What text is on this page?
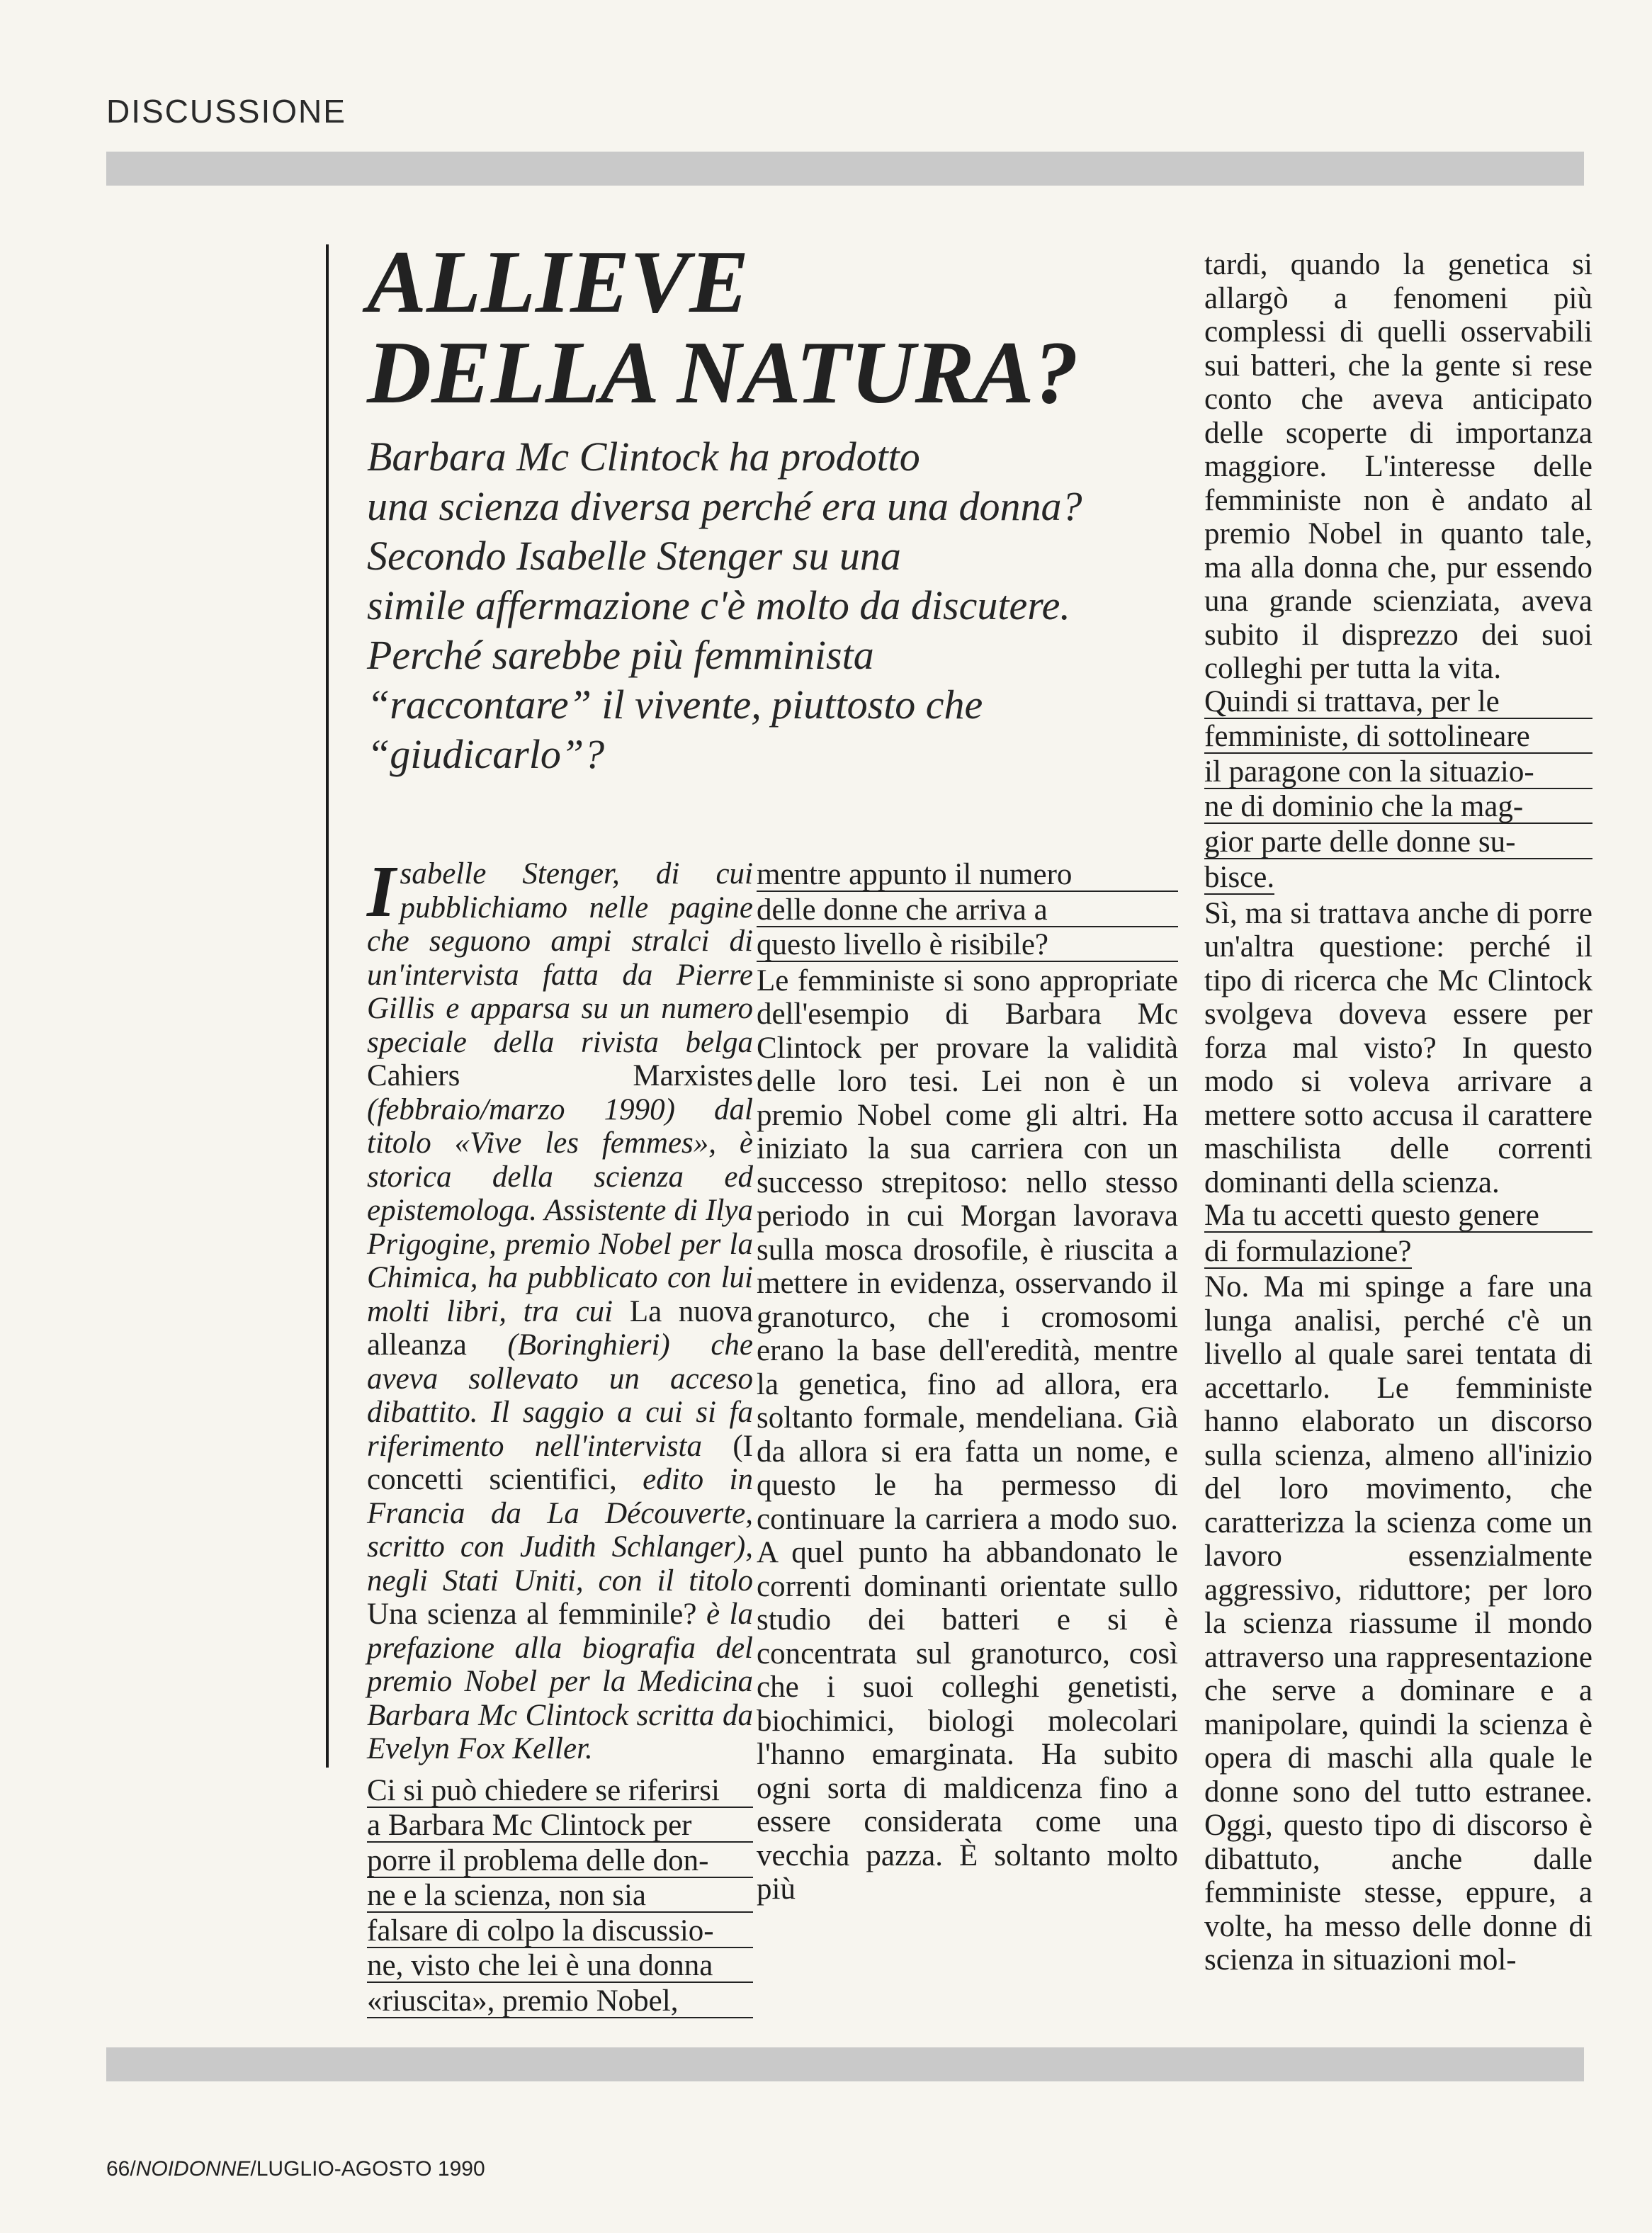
DISCUSSIONE
ALLIEVE
DELLA NATURA?
Barbara Mc Clintock ha prodotto
una scienza diversa perché era una donna?
Secondo Isabelle Stenger su una
simile affermazione c'è molto da discutere.
Perché sarebbe più femminista
“raccontare” il vivente, piuttosto che
“giudicarlo”?

Isabelle Stenger, di cui pubblichiamo nelle pagine che seguono ampi stralci di un'intervista fatta da Pierre Gillis e apparsa su un numero speciale della rivista belga Cahiers Marxistes (febbraio/marzo 1990) dal titolo «Vive les femmes», è storica della scienza ed epistemologa. Assistente di Ilya Prigogine, premio Nobel per la Chimica, ha pubblicato con lui molti libri, tra cui La nuova alleanza (Boringhieri) che aveva sollevato un acceso dibattito. Il saggio a cui si fa riferimento nell'intervista (I concetti scientifici, edito in Francia da La Découverte, scritto con Judith Schlanger), negli Stati Uniti, con il titolo Una scienza al femminile? è la prefazione alla biografia del premio Nobel per la Medicina Barbara Mc Clintock scritta da Evelyn Fox Keller.

Ci si può chiedere se riferirsi
a Barbara Mc Clintock per
porre il problema delle don-
ne e la scienza, non sia
falsare di colpo la discussio-
ne, visto che lei è una donna
«riuscita», premio Nobel,
mentre appunto il numero
delle donne che arriva a
questo livello è risibile?

Le femministe si sono appropriate dell'esempio di Barbara Mc Clintock per provare la validità delle loro tesi. Lei non è un premio Nobel come gli altri. Ha iniziato la sua carriera con un successo strepitoso: nello stesso periodo in cui Morgan lavorava sulla mosca drosofile, è riuscita a mettere in evidenza, osservando il granoturco, che i cromosomi erano la base dell'eredità, mentre la genetica, fino ad allora, era soltanto formale, mendeliana. Già da allora si era fatta un nome, e questo le ha permesso di continuare la carriera a modo suo. A quel punto ha abbandonato le correnti dominanti orientate sullo studio dei batteri e si è concentrata sul granoturco, così che i suoi colleghi genetisti, biochimici, biologi molecolari l'hanno emarginata. Ha subito ogni sorta di maldicenza fino a essere considerata come una vecchia pazza. È soltanto molto più

tardi, quando la genetica si allargò a fenomeni più complessi di quelli osservabili sui batteri, che la gente si rese conto che aveva anticipato delle scoperte di importanza maggiore. L'interesse delle femministe non è andato al premio Nobel in quanto tale, ma alla donna che, pur essendo una grande scienziata, aveva subito il disprezzo dei suoi colleghi per tutta la vita.

Quindi si trattava, per le
femministe, di sottolineare
il paragone con la situazio-
ne di dominio che la mag-
gior parte delle donne su-
bisce.

Sì, ma si trattava anche di porre un'altra questione: perché il tipo di ricerca che Mc Clintock svolgeva doveva essere per forza mal visto? In questo modo si voleva arrivare a mettere sotto accusa il carattere maschilista delle correnti dominanti della scienza.

Ma tu accetti questo genere
di formulazione?

No. Ma mi spinge a fare una lunga analisi, perché c'è un livello al quale sarei tentata di accettarlo. Le femministe hanno elaborato un discorso sulla scienza, almeno all'inizio del loro movimento, che caratterizza la scienza come un lavoro essenzialmente aggressivo, riduttore; per loro la scienza riassume il mondo attraverso una rappresentazione che serve a dominare e a manipolare, quindi la scienza è opera di maschi alla quale le donne sono del tutto estranee. Oggi, questo tipo di discorso è dibattuto, anche dalle femministe stesse, eppure, a volte, ha messo delle donne di scienza in situazioni mol-

66/NOIDONNE/LUGLIO-AGOSTO 1990
